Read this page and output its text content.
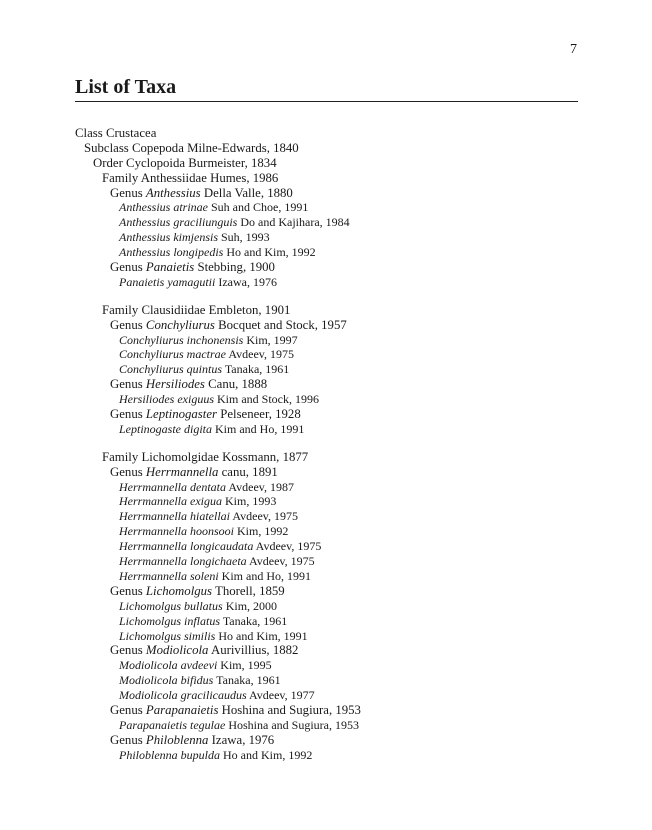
7
List of Taxa
Class Crustacea
Subclass Copepoda Milne-Edwards, 1840
Order Cyclopoida Burmeister, 1834
Family Anthessiidae Humes, 1986
Genus Anthessius Della Valle, 1880
Anthessius atrinae Suh and Choe, 1991
Anthessius graciliunguis Do and Kajihara, 1984
Anthessius kimjensis Suh, 1993
Anthessius longipedis Ho and Kim, 1992
Genus Panaietis Stebbing, 1900
Panaietis yamagutii Izawa, 1976
Family Clausidiidae Embleton, 1901
Genus Conchyliurus Bocquet and Stock, 1957
Conchyliurus inchonensis Kim, 1997
Conchyliurus mactrae Avdeev, 1975
Conchyliurus quintus Tanaka, 1961
Genus Hersiliodes Canu, 1888
Hersiliodes exiguus Kim and Stock, 1996
Genus Leptinogaster Pelseneer, 1928
Leptinogaste digita Kim and Ho, 1991
Family Lichomolgidae Kossmann, 1877
Genus Herrmannella canu, 1891
Herrmannella dentata Avdeev, 1987
Herrmannella exigua Kim, 1993
Herrmannella hiatellai Avdeev, 1975
Herrmannella hoonsooi Kim, 1992
Herrmannella longicaudata Avdeev, 1975
Herrmannella longichaeta Avdeev, 1975
Herrmannella soleni Kim and Ho, 1991
Genus Lichomolgus Thorell, 1859
Lichomolgus bullatus Kim, 2000
Lichomolgus inflatus Tanaka, 1961
Lichomolgus similis Ho and Kim, 1991
Genus Modiolicola Aurivillius, 1882
Modiolicola avdeevi Kim, 1995
Modiolicola bifidus Tanaka, 1961
Modiolicola gracilicaudus Avdeev, 1977
Genus Parapanaietis Hoshina and Sugiura, 1953
Parapanaietis tegulae Hoshina and Sugiura, 1953
Genus Philoblenna Izawa, 1976
Philoblenna bupulda Ho and Kim, 1992
